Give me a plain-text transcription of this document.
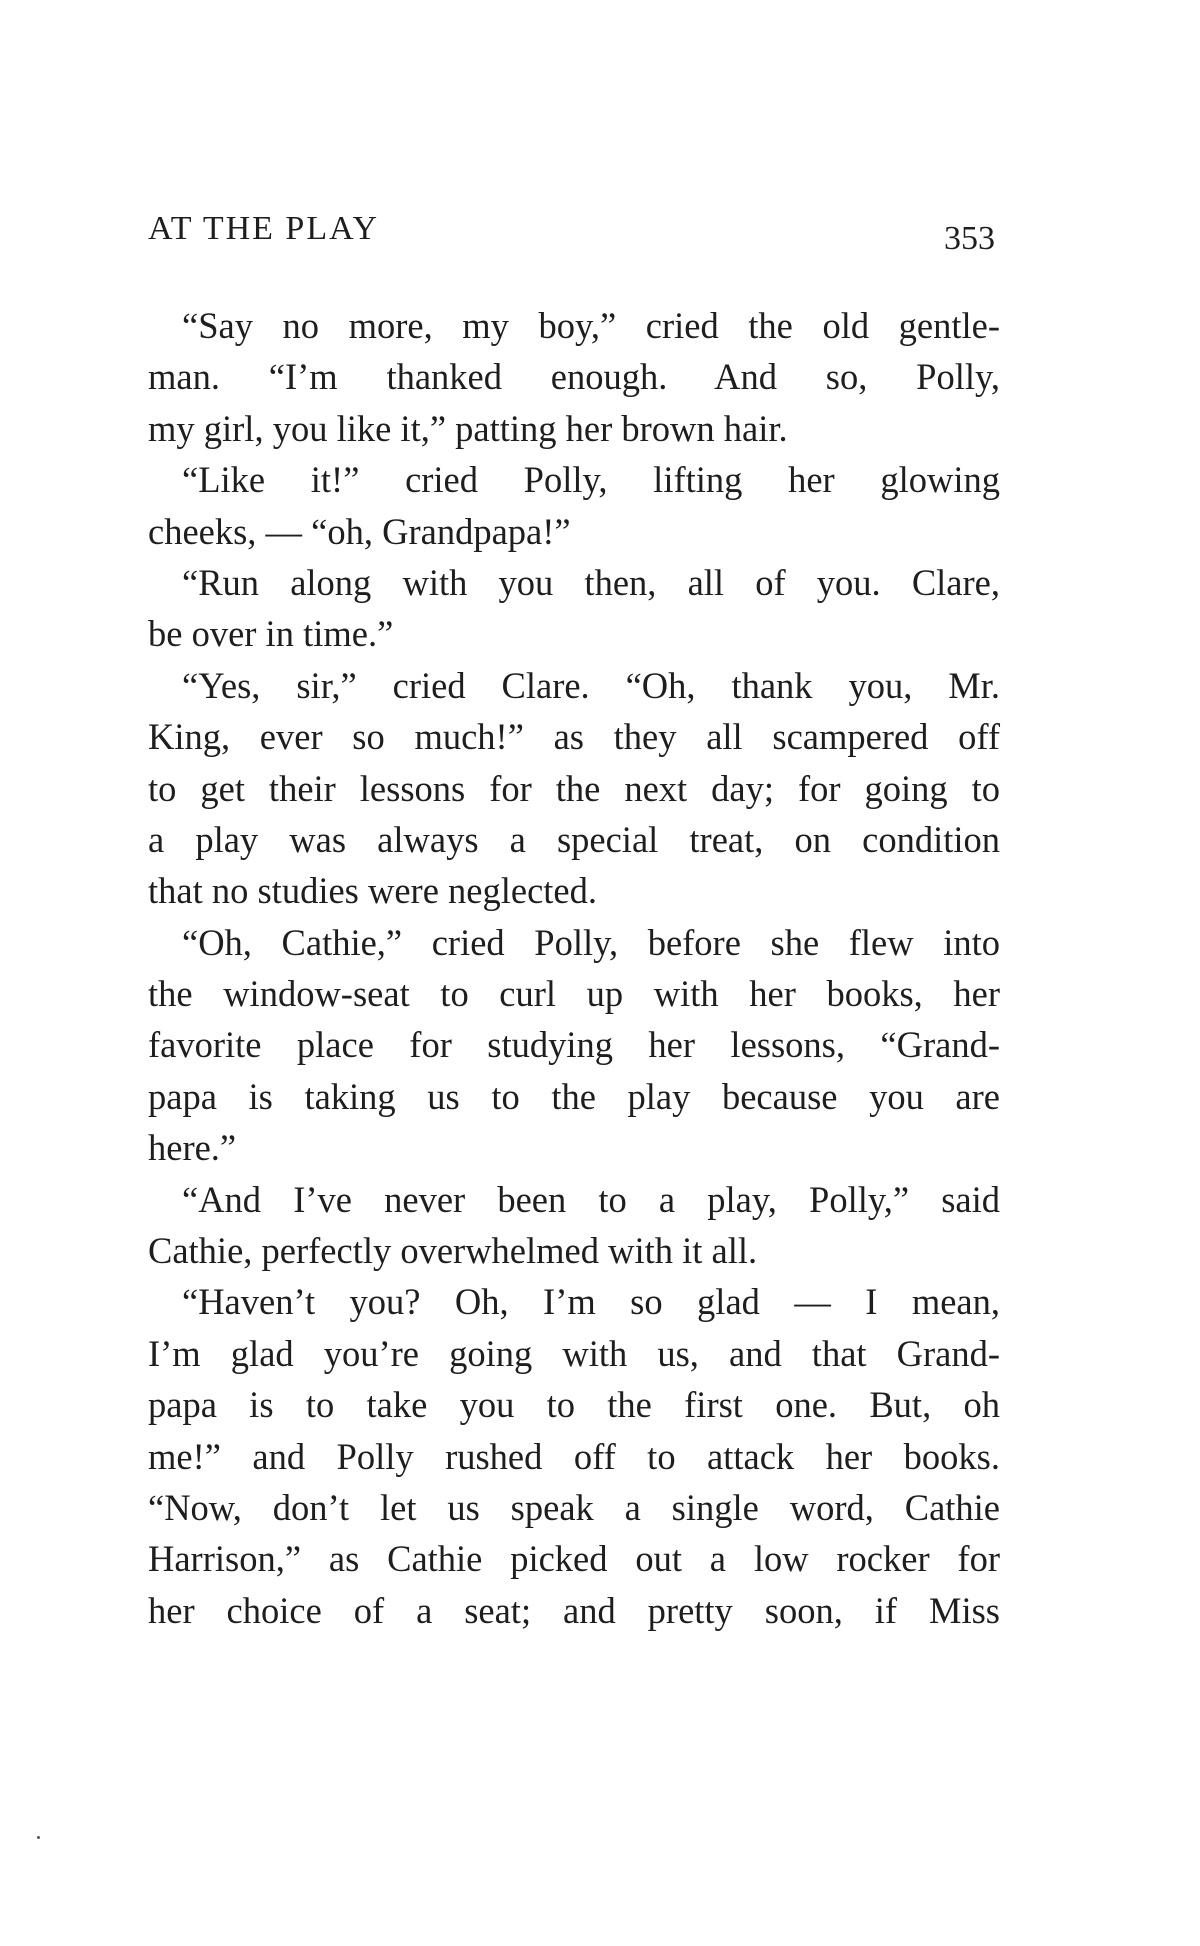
AT THE PLAY	353
“Say no more, my boy,” cried the old gentle-
man. “I’m thanked enough. And so, Polly,
my girl, you like it,” patting her brown hair.
“Like it!” cried Polly, lifting her glowing
cheeks, — “oh, Grandpapa!”
“Run along with you then, all of you. Clare,
be over in time.”
“Yes, sir,” cried Clare. “Oh, thank you, Mr.
King, ever so much!” as they all scampered off
to get their lessons for the next day; for going to
a play was always a special treat, on condition
that no studies were neglected.
“Oh, Cathie,” cried Polly, before she flew into
the window-seat to curl up with her books, her
favorite place for studying her lessons, “Grand-
papa is taking us to the play because you are
here.”
“And I’ve never been to a play, Polly,” said
Cathie, perfectly overwhelmed with it all.
“Haven’t you? Oh, I’m so glad — I mean,
I’m glad you’re going with us, and that Grand-
papa is to take you to the first one. But, oh
me!” and Polly rushed off to attack her books.
“Now, don’t let us speak a single word, Cathie
Harrison,” as Cathie picked out a low rocker for
her choice of a seat; and pretty soon, if Miss
